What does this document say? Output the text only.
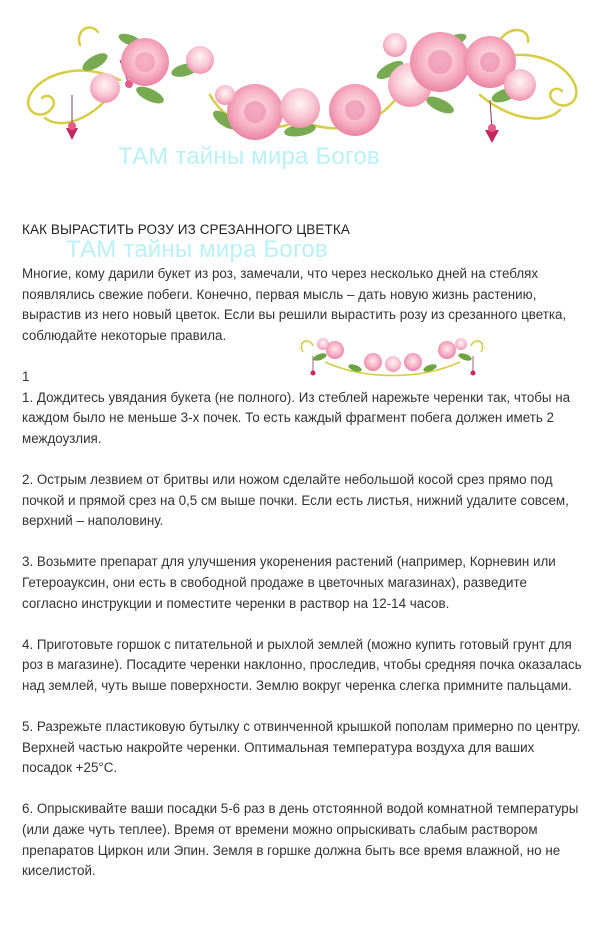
ТАМ тайны мира Богов
КАК ВЫРАСТИТЬ РОЗУ ИЗ СРЕЗАННОГО ЦВЕТКА
ТАМ тайны мира Богов

Многие, кому дарили букет из роз, замечали, что через несколько дней на стеблях появлялись свежие побеги. Конечно, первая мысль – дать новую жизнь растению, вырастив из него новый цветок. Если вы решили вырастить розу из срезанного цветка, соблюдайте некоторые правила.

1

1. Дождитесь увядания букета (не полного). Из стеблей нарежьте черенки так, чтобы на каждом было не меньше 3-х почек. То есть каждый фрагмент побега должен иметь 2 междоузлия.

2. Острым лезвием от бритвы или ножом сделайте небольшой косой срез прямо под почкой и прямой срез на 0,5 см выше почки. Если есть листья, нижний удалите совсем, верхний – наполовину.

3. Возьмите препарат для улучшения укоренения растений (например, Корневин или Гетероауксин, они есть в свободной продаже в цветочных магазинах), разведите согласно инструкции и поместите черенки в раствор на 12-14 часов.

4. Приготовьте горшок с питательной и рыхлой землей (можно купить готовый грунт для роз в магазине). Посадите черенки наклонно, проследив, чтобы средняя почка оказалась над землей, чуть выше поверхности. Землю вокруг черенка слегка примните пальцами.

5. Разрежьте пластиковую бутылку с отвинченной крышкой пополам примерно по центру. Верхней частью накройте черенки. Оптимальная температура воздуха для ваших посадок +25°C.

6. Опрыскивайте ваши посадки 5-6 раз в день отстоянной водой комнатной температуры (или даже чуть теплее). Время от времени можно опрыскивать слабым раствором препаратов Циркон или Эпин. Земля в горшке должна быть все время влажной, но не киселистой.
